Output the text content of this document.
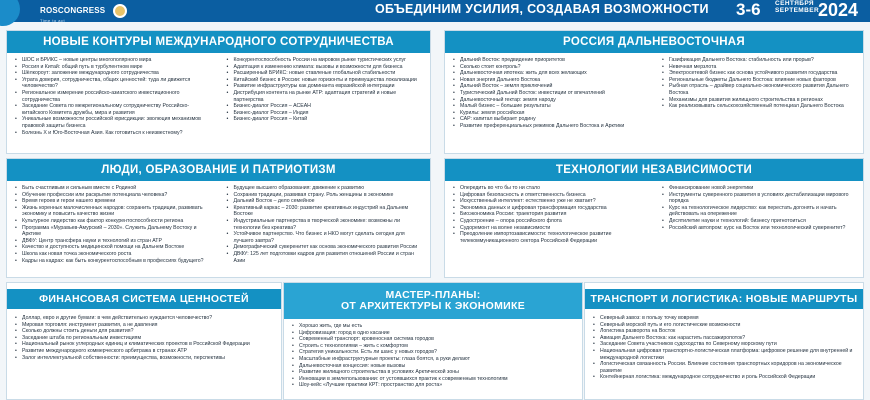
ROSCONGRESS
Time to act

ОБЪЕДИНИМ УСИЛИЯ, СОЗДАВАЯ ВОЗМОЖНОСТИ 3-6 СЕНТЯБРЯ
SEPTEMBER
2024
НОВЫЕ КОНТУРЫ МЕЖДУНАРОДНОГО СОТРУДНИЧЕСТВА
• ШОС и БРИКС – новые центры многополярного мира
• Россия и Китай: общий путь в турбулентном мире
• Шёлкороут: заложение международного сотрудничества
• Уграта доверия, сотрудничества, общих ценностей: туда ли движется человечество?
• Региональное измерение российско-азиатского инвестиционного сотрудничества
• Заседание Совета по межрегиональному сотрудничеству Российско-китайского Комитета дружбы, мира и развития
• Уникальные возможности российской юрисдикции: эволюция механизмов правовой защиты бизнеса
• Болезнь X и Юго-Восточная Азия. Как готовиться к неизвестному?
• Конкурентоспособность России на мировом рынке туристических услуг
• Адаптация к изменению климата: вызовы и возможности для бизнеса
• Расширенный БРИКС: новые ставленые глобальной стабильности
• Китайский бизнес в России: новые горизонты и преимущества локализации
• Развитие инфраструктуры как доминанта евразийской интеграции
• Дистрибуция контента на рынке АТР: адаптация стратегий и новые партнерства
• Бизнес-диалог Россия – АСЕАН
• Бизнес-диалог Россия – Индия
• Бизнес-диалог Россия – Китай
РОССИЯ ДАЛЬНЕВОСТОЧНАЯ
• Дальний Восток: предвидение приоритетов
• Сколько стоит контроль?
• Дальневосточная ипотека: жить для всех желающих
• Новая энергия Дальнего Востока
• Дальний Восток – земля приключений
• Туристический Дальний Восток: инвестиции от впечатлений
• Дальневосточный гектар: земля народу
• Малый бизнес – большие результаты
• Курилы: земля российская
• САР: капитал выбирает родину
• Развитие преференциальных режимов Дальнего Востока и Арктики
• Газификация Дальнего Востока: стабильность или прорыв?
• Невечная мерзлота
• Электросетевой бизнес как основа устойчивого развития государства
• Региональные бюджеты Дальнего Востока: влияние новых факторов
• Рыбная отрасль – драйвер социально-экономического развития Дальнего Востока
• Механизмы для развития жилищного строительства в регионах
• Как реализовывать сельскохозяйственный потенциал Дальнего Востока
ЛЮДИ, ОБРАЗОВАНИЕ И ПАТРИОТИЗМ
• Быть счастливым и сильным вместе с Родиной
• Обучение профессии или раскрытие потенциала человека?
• Время героев и герои нашего времени
• Жизнь коренных малочисленных народов: сохранить традиции, развивать экономику и повысить качество жизни
• Культурное лидерство как фактор конкурентоспособности региона
• Программа «Муравьев-Амурский – 2030». Служить Дальнему Востоку и Арктике
• ДВФУ: Центр трансфера науки и технологий из стран АТР
• Качество и доступность медицинской помощи на Дальнем Востоке
• Школа как новая точка экономического роста
• Кадры на кадрах: как быть конкурентоспособным в профессиях будущего?
• Будущее высшего образования: движение к развитию
• Сохранив традиции, развивая страну. Роль женщины в экономике
• Дальний Восток – дело семейное
• Креативный каркас – 2030: развитие креативных индустрий на Дальнем Востоке
• Индустриальные партнерства в творческой экономике: возможны ли технологии без креатива?
• Устойчивое партнерство. Что бизнес и НКО могут сделать сегодня для лучшего завтра?
• Демографический суверенитет как основа экономического развития России
• ДВФУ: 125 лет подготовки кадров для развития отношений России и стран Азии
ТЕХНОЛОГИИ НЕЗАВИСИМОСТИ
• Опередить во что бы то ни стало
• Цифровая безопасность и ответственность бизнеса
• Искусственный интеллект: естественно уже не хватает?
• Экономика данных и цифровая трансформация государства
• Биоэкономика России: траектория развития
• Судостроение – опора российского флота
• Судоремонт на волне независимости
• Преодоление импортозависимости: технологическое развитие телекоммуникационного сектора Российской Федерации
• Финансирование новой энергетики
• Инструменты суверенного развития в условиях дестабилизации мирового порядка
• Курс на технологическое лидерство: как перестать догонять и начать действовать на опережение
• Десятилетие науки и технологий: бизнесу пригнотоиться
• Российский автопром: курс на Восток или технологический суверенитет?
ФИНАНСОВАЯ СИСТЕМА ЦЕННОСТЕЙ
• Доллар, евро и другие бумаги: в чем действительно нуждается человечество?
• Мировая торговля: инструмент развития, а не давления
• Сколько должны стоить деньги для развития?
• Заседание штаба по региональным инвестициям
• Национальный рынок углеродных единиц и климатических проектов в Российской Федерации
• Развитие международного коммерческого арбитража в странах АТР
• Залог интеллектуальной собственности: преимущества, возможности, перспективы
МАСТЕР-ПЛАНЫ:
ОТ АРХИТЕКТУРЫ К ЭКОНОМИКЕ
• Хорошо жить, где мы есть
• Цифровизация: город в одно касание
• Современный транспорт: кровеносная система городов
• Строить с технологиями – жить с комфортом
• Стратегия уникальности. Есть ли шанс у новых городов?
• Масштабные инфраструктурные проекты: глаза боятся, а руки делают
• Дальневосточная концессия: новые вызовы
• Развитие жилищного строительства в условиях Арктической зоны
• Инновации в землепользовании: от устоявшихся практик к современным технологиям
• Шоу-кейс «Лучшие практики КРТ: пространство для роста»
ТРАНСПОРТ И ЛОГИСТИКА: НОВЫЕ МАРШРУТЫ
• Северный завоз: в пользу точку вовремя
• Северный морской путь и его логистические возможности
• Логистика разворота на Восток
• Авиация Дальнего Востока: как нарастить пассажиропоток?
• Заседание Совета участников судоходства по Северному морскому пути
• Национальная цифровая транспортно-логистическая платформа: цифровое решение для внутренней и международной логистики
• Логистическая связанность России. Влияние состояния транспортных коридоров на экономическое развитие
• Контейнерная логистика: международное сотрудничество и роль Российской Федерации
